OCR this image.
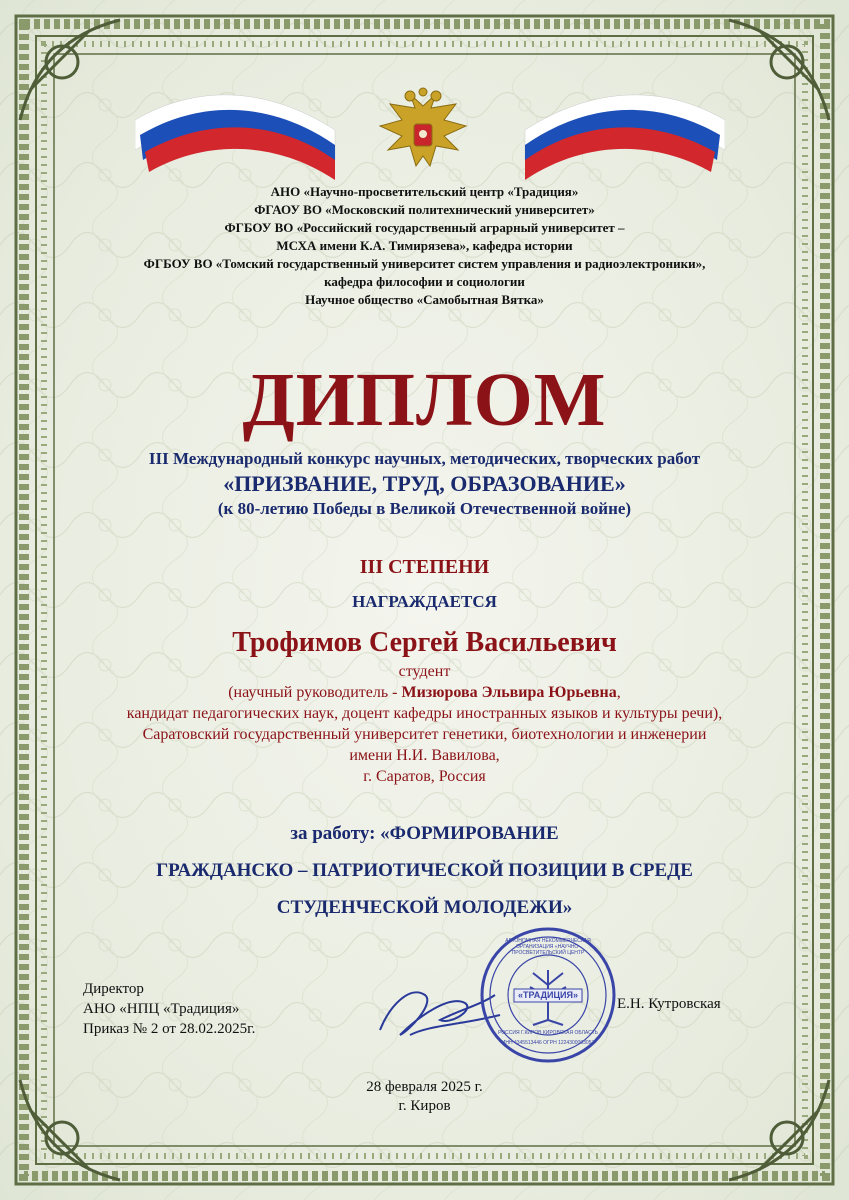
АНО «Научно-просветительский центр «Традиция»
ФГАОУ ВО «Московский политехнический университет»
ФГБОУ ВО «Российский государственный аграрный университет –
МСХА имени К.А. Тимирязева», кафедра истории
ФГБОУ ВО «Томский государственный университет систем управления и радиоэлектроники»,
кафедра философии и социологии
Научное общество «Самобытная Вятка»
ДИПЛОМ
III Международный конкурс научных, методических, творческих работ
«ПРИЗВАНИЕ, ТРУД, ОБРАЗОВАНИЕ»
(к 80-летию Победы в Великой Отечественной войне)
III СТЕПЕНИ
НАГРАЖДАЕТСЯ
Трофимов Сергей Васильевич
студент
(научный руководитель - Мизюрова Эльвира Юрьевна,
кандидат педагогических наук, доцент кафедры иностранных языков и культуры речи),
Саратовский государственный университет генетики, биотехнологии и инженерии
имени Н.И. Вавилова,
г. Саратов, Россия
за работу: «ФОРМИРОВАНИЕ
ГРАЖДАНСКО – ПАТРИОТИЧЕСКОЙ ПОЗИЦИИ В СРЕДЕ
СТУДЕНЧЕСКОЙ МОЛОДЕЖИ»
Директор
АНО «НПЦ «Традиция»
Приказ № 2 от 28.02.2025г.
«ТРАДИЦИЯ»
АВТОНОМНАЯ НЕКОММЕРЧЕСКАЯ ОРГАНИЗАЦИЯ «НАУЧНО-ПРОСВЕТИТЕЛЬСКИЙ ЦЕНТР
РОССИЯ Г.КИРОВ КИРОВСКАЯ ОБЛАСТЬ
ИНН 4345513446 ОГРН 1224300003053
Е.Н. Кутровская
28 февраля 2025 г.
г. Киров
